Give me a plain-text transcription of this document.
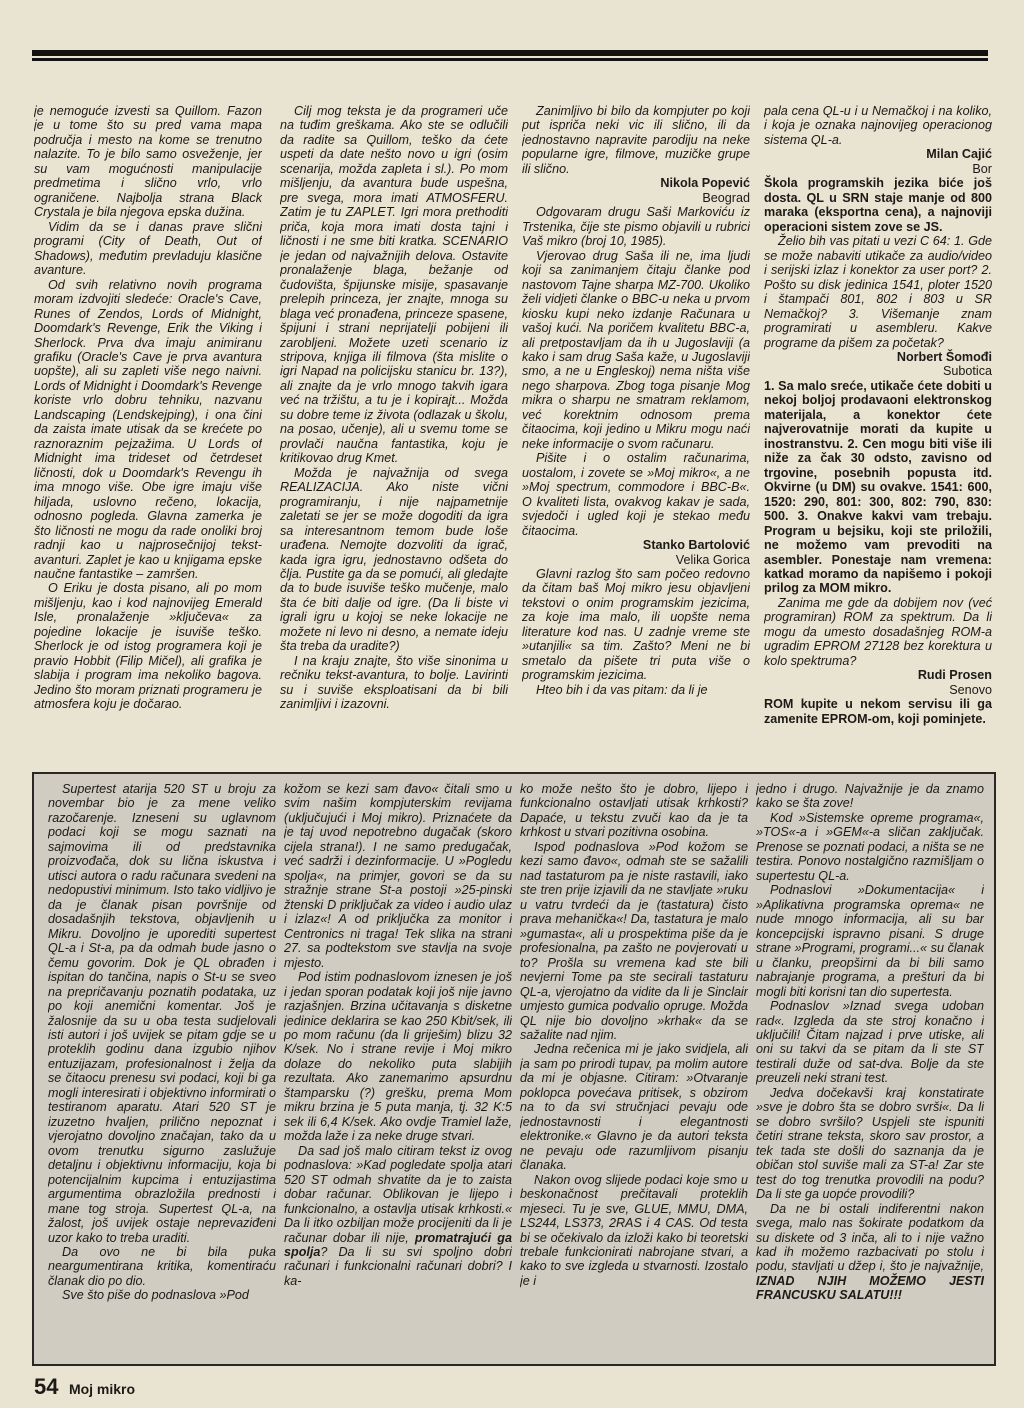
je nemoguće izvesti sa Quillom. Fazon je u tome što su pred vama mapa područja i mesto na kome se trenutno nalazite. To je bilo samo osveženje, jer su vam mogućnosti manipulacije predmetima i slično vrlo, vrlo ograničene. Najbolja strana Black Crystala je bila njegova epska dužina.

Vidim da se i danas prave slični programi (City of Death, Out of Shadows), međutim prevladuju klasične avanture.

Od svih relativno novih programa moram izdvojiti sledeće: Oracle's Cave, Runes of Zendos, Lords of Midnight, Doomdark's Revenge, Erik the Viking i Sherlock. Prva dva imaju animiranu grafiku (Oracle's Cave je prva avantura uopšte), ali su zapleti više nego naivni. Lords of Midnight i Doomdark's Revenge koriste vrlo dobru tehniku, nazvanu Landscaping (Lendskejping), i ona čini da zaista imate utisak da se krećete po raznoraznim pejzažima. U Lords of Midnight ima trideset od četrdeset ličnosti, dok u Doomdark's Revengu ih ima mnogo više. Obe igre imaju više hiljada, uslovno rečeno, lokacija, odnosno pogleda. Glavna zamerka je što ličnosti ne mogu da rade onoliki broj radnji kao u najprosečnijoj tekst-avanturi. Zaplet je kao u knjigama epske naučne fantastike – zamršen.

O Eriku je dosta pisano, ali po mom mišljenju, kao i kod najnovijeg Emerald Isle, pronalaženje »ključeva« za pojedine lokacije je isuviše teško. Sherlock je od istog programera koji je pravio Hobbit (Filip Mičel), ali grafika je slabija i program ima nekoliko bagova. Jedino što moram priznati programeru je atmosfera koju je dočarao.

Cilj mog teksta je da programeri uče na tuđim greškama. Ako ste se odlučili da radite sa Quillom, teško da ćete uspeti da date nešto novo u igri (osim scenarija, možda zapleta i sl.). Po mom mišljenju, da avantura bude uspešna, pre svega, mora imati ATMOSFERU. Zatim je tu ZAPLET. Igri mora prethoditi priča, koja mora imati dosta tajni i ličnosti i ne sme biti kratka. SCENARIO je jedan od najvažnijih delova. Ostavite pronalaženje blaga, bežanje od čudovišta, špijunske misije, spasavanje prelepih princeza, jer znajte, mnoga su blaga već pronađena, princeze spasene, špijuni i strani neprijatelji pobijeni ili zarobljeni. Možete uzeti scenario iz stripova, knjiga ili filmova (šta mislite o igri Napad na policijsku stanicu br. 13?), ali znajte da je vrlo mnogo takvih igara već na tržištu, a tu je i kopirajt... Možda su dobre teme iz života (odlazak u školu, na posao, učenje), ali u svemu tome se provlači naučna fantastika, koju je kritikovao drug Kmet.

Možda je najvažnija od svega REALIZACIJA. Ako niste vični programiranju, i nije najpametnije zaletati se jer se može dogoditi da igra sa interesantnom temom bude loše urađena. Nemojte dozvoliti da igrač, kada igra igru, jednostavno odšeta do člja. Pustite ga da se pomući, ali gledajte da to bude isuviše teško mučenje, malo šta će biti dalje od igre. (Da li biste vi igrali igru u kojoj se neke lokacije ne možete ni levo ni desno, a nemate ideju šta treba da uradite?)

I na kraju znajte, što više sinonima u rečniku tekst-avantura, to bolje. Lavirinti su i suviše eksploatisani da bi bili zanimljivi i izazovni.

Zanimljivo bi bilo da kompjuter po koji put ispriča neki vic ili slično, ili da jednostavno napravite parodiju na neke popularne igre, filmove, muzičke grupe ili slično.

Nikola Popević

Beograd

Odgovaram drugu Saši Markoviću iz Trstenika, čije ste pismo objavili u rubrici Vaš mikro (broj 10, 1985).

Vjerovao drug Saša ili ne, ima ljudi koji sa zanimanjem čitaju članke pod nastovom Tajne sharpa MZ-700. Ukoliko želi vidjeti članke o BBC-u neka u prvom kiosku kupi neko izdanje Računara u vašoj kući. Na poričem kvalitetu BBC-a, ali pretpostavljam da ih u Jugoslaviji (a kako i sam drug Saša kaže, u Jugoslaviji smo, a ne u Engleskoj) nema ništa više nego sharpova. Zbog toga pisanje Mog mikra o sharpu ne smatram reklamom, već korektnim odnosom prema čitaocima, koji jedino u Mikru mogu naći neke informacije o svom računaru.

Pišite i o ostalim računarima, uostalom, i zovete se »Moj mikro«, a ne »Moj spectrum, commodore i BBC-B«. O kvaliteti lista, ovakvog kakav je sada, svjedoči i ugled koji je stekao među čitaocima.

Stanko Bartolović

Velika Gorica

Glavni razlog što sam počeo redovno da čitam baš Moj mikro jesu objavljeni tekstovi o onim programskim jezicima, za koje ima malo, ili uopšte nema literature kod nas. U zadnje vreme ste »utanjili« sa tim. Zašto? Meni ne bi smetalo da pišete tri puta više o programskim jezicima.

Hteo bih i da vas pitam: da li je

pala cena QL-u i u Nemačkoj i na koliko, i koja je oznaka najnovijeg operacionog sistema QL-a.

Milan Cajić

Bor

Škola programskih jezika biće još dosta. QL u SRN staje manje od 800 maraka (eksportna cena), a najnoviji operacioni sistem zove se JS.

Želio bih vas pitati u vezi C 64: 1. Gde se može nabaviti utikače za audio/video i serijski izlaz i konektor za user port? 2. Pošto su disk jedinica 1541, ploter 1520 i štampači 801, 802 i 803 u SR Nemačkoj? 3. Višemanje znam programirati u asembleru. Kakve programe da pišem za početak?

Norbert Šomođi

Subotica

1. Sa malo sreće, utikače ćete dobiti u nekoj boljoj prodavaoni elektronskog materijala, a konektor ćete najverovatnije morati da kupite u inostranstvu. 2. Cen mogu biti više ili niže za čak 30 odsto, zavisno od trgovine, posebnih popusta itd. Okvirne (u DM) su ovakve. 1541: 600, 1520: 290, 801: 300, 802: 790, 830: 500. 3. Onakve kakvi vam trebaju. Program u bejsiku, koji ste priložili, ne možemo vam prevoditi na asembler. Ponestaje nam vremena: katkad moramo da napišemo i pokoji prilog za MOM mikro.

Zanima me gde da dobijem nov (već programiran) ROM za spektrum. Da li mogu da umesto dosadašnjeg ROM-a ugradim EPROM 27128 bez korektura u kolo spektruma?

Rudi Prosen

Senovo

ROM kupite u nekom servisu ili ga zamenite EPROM-om, koji pominjete.

Supertest atarija 520 ST u broju za novembar bio je za mene veliko razočarenje. Izneseni su uglavnom podaci koji se mogu saznati na sajmovima ili od predstavnika proizvođača, dok su lična iskustva i utisci autora o radu računara svedeni na nedopustivi minimum. Isto tako vidljivo je da je članak pisan površnije od dosadašnjih tekstova, objavljenih u Mikru. Dovoljno je uporediti supertest QL-a i St-a, pa da odmah bude jasno o čemu govorim. Dok je QL obrađen i ispitan do tančina, napis o St-u se sveo na prepričavanju poznatih podataka, uz po koji anemični komentar. Još je žalosnije da su u oba testa sudjelovali isti autori i još uvijek se pitam gdje se u proteklih godinu dana izgubio njihov entuzijazam, profesionalnost i želja da se čitaocu prenesu svi podaci, koji bi ga mogli interesirati i objektivno informirati o testiranom aparatu. Atari 520 ST je izuzetno hvaljen, prilično nepoznat i vjerojatno dovoljno značajan, tako da u ovom trenutku sigurno zaslužuje detaljnu i objektivnu informaciju, koja bi potencijalnim kupcima i entuzijastima argumentima obrazložila prednosti i mane tog stroja. Supertest QL-a, na žalost, još uvijek ostaje neprevaziđeni uzor kako to treba uraditi.

Da ovo ne bi bila puka neargumentirana kritika, komentiraću članak dio po dio.

Sve što piše do podnaslova »Pod

kožom se kezi sam đavo« čitali smo u svim našim kompjuterskim revijama (uključujući i Moj mikro). Priznaćete da je taj uvod nepotrebno dugačak (skoro cijela strana!). I ne samo predugačak, već sadrži i dezinformacije. U »Pogledu spolja«, na primjer, govori se da su stražnje strane St-a postoji »25-pinski žtenski D priključak za video i audio ulaz i izlaz«! A od priključka za monitor i Centronics ni traga! Tek slika na strani 27. sa podtekstom sve stavlja na svoje mjesto.

Pod istim podnaslovom iznesen je još i jedan sporan podatak koji još nije javno razjašnjen. Brzina učitavanja s disketne jedinice deklarira se kao 250 Kbit/sek, ili po mom računu (da li griješim) blizu 32 K/sek. No i strane revije i Moj mikro dolaze do nekoliko puta slabijih rezultata. Ako zanemarimo apsurdnu štamparsku (?) grešku, prema Mom mikru brzina je 5 puta manja, tj. 32 K:5 sek ili 6,4 K/sek. Ako ovdje Tramiel laže, možda laže i za neke druge stvari.

Da sad još malo citiram tekst iz ovog podnaslova: »Kad pogledate spolja atari 520 ST odmah shvatite da je to zaista dobar računar. Oblikovan je lijepo i funkcionalno, a ostavlja utisak krhkosti.« Da li itko ozbiljan može procijeniti da li je računar dobar ili nije, promatrajući ga spolja? Da li su svi spoljno dobri računari i funkcionalni računari dobri? I ka-

ko može nešto što je dobro, lijepo i funkcionalno ostavljati utisak krhkosti? Dapaće, u tekstu zvuči kao da je ta krhkost u stvari pozitivna osobina.

Ispod podnaslova »Pod kožom se kezi samo đavo«, odmah ste se sažalili nad tastaturom pa je niste rastavili, iako ste tren prije izjavili da ne stavljate »ruku u vatru tvrdeći da je (tastatura) čisto prava mehanička«! Da, tastatura je malo »gumasta«, ali u prospektima piše da je profesionalna, pa zašto ne povjerovati u to? Prošla su vremena kad ste bili nevjerni Tome pa ste secirali tastaturu QL-a, vjerojatno da vidite da li je Sinclair umjesto gumica podvalio opruge. Možda QL nije bio dovoljno »krhak« da se sažalite nad njim.

Jedna rečenica mi je jako svidjela, ali ja sam po prirodi tupav, pa molim autore da mi je objasne. Citiram: »Otvaranje poklopca povećava pritisek, s obzirom na to da svi stručnjaci pevaju ode jednostavnosti i elegantnosti elektronike.« Glavno je da autori teksta ne pevaju ode razumljivom pisanju članaka.

Nakon ovog slijede podaci koje smo u beskonačnost prečitavali proteklih mjeseci. Tu je sve, GLUE, MMU, DMA, LS244, LS373, 2RAS i 4 CAS. Od testa bi se očekivalo da izloži kako bi teoretski trebale funkcionirati nabrojane stvari, a kako to sve izgleda u stvarnosti. Izostalo je i

jedno i drugo. Najvažnije je da znamo kako se šta zove!

Kod »Sistemske opreme programa«, »TOS«-a i »GEM«-a sličan zaključak. Prenose se poznati podaci, a ništa se ne testira. Ponovo nostalgično razmišljam o supertestu QL-a.

Podnaslovi »Dokumentacija« i »Aplikativna programska oprema« ne nude mnogo informacija, ali su bar koncepcijski ispravno pisani. S druge strane »Programi, programi...« su članak u članku, preopširni da bi bili samo nabrajanje programa, a prešturi da bi mogli biti korisni tan dio supertesta.

Podnaslov »Iznad svega udoban rad«. Izgleda da ste stroj konačno i uključili! Čitam najzad i prve utiske, ali oni su takvi da se pitam da li ste ST testirali duže od sat-dva. Bolje da ste preuzeli neki strani test.

Jedva dočekavši kraj konstatirate »sve je dobro šta se dobro svrši«. Da li se dobro svršilo? Uspjeli ste ispuniti četiri strane teksta, skoro sav prostor, a tek tada ste došli do saznanja da je običan stol suviše mali za ST-a! Zar ste test do tog trenutka provodili na podu? Da li ste ga uopće provodili?

Da ne bi ostali indiferentni nakon svega, malo nas šokirate podatkom da su diskete od 3 inča, ali to i nije važno kad ih možemo razbacivati po stolu i podu, stavljati u džep i, što je najvažnije, IZNAD NJIH MOŽEMO JESTI FRANCUSKU SALATU!!!

54 Moj mikro
